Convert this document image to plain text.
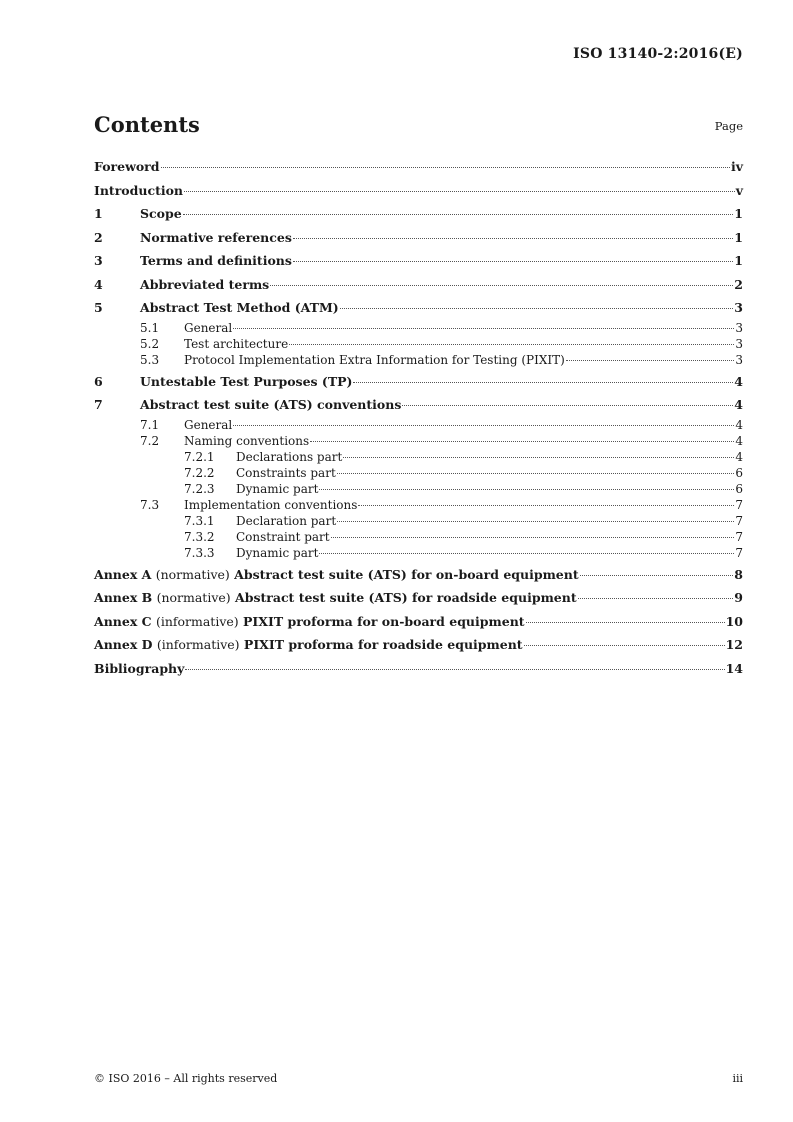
ISO 13140-2:2016(E)
Contents	Page
Foreword	iv
Introduction	v
1	Scope	1
2	Normative references	1
3	Terms and definitions	1
4	Abbreviated terms	2
5	Abstract Test Method (ATM)	3
5.1	General	3
5.2	Test architecture	3
5.3	Protocol Implementation Extra Information for Testing (PIXIT)	3
6	Untestable Test Purposes (TP)	4
7	Abstract test suite (ATS) conventions	4
7.1	General	4
7.2	Naming conventions	4
7.2.1	Declarations part	4
7.2.2	Constraints part	6
7.2.3	Dynamic part	6
7.3	Implementation conventions	7
7.3.1	Declaration part	7
7.3.2	Constraint part	7
7.3.3	Dynamic part	7
Annex A (normative) Abstract test suite (ATS) for on-board equipment	8
Annex B (normative) Abstract test suite (ATS) for roadside equipment	9
Annex C (informative) PIXIT proforma for on-board equipment	10
Annex D (informative) PIXIT proforma for roadside equipment	12
Bibliography	14
© ISO 2016 – All rights reserved	iii
